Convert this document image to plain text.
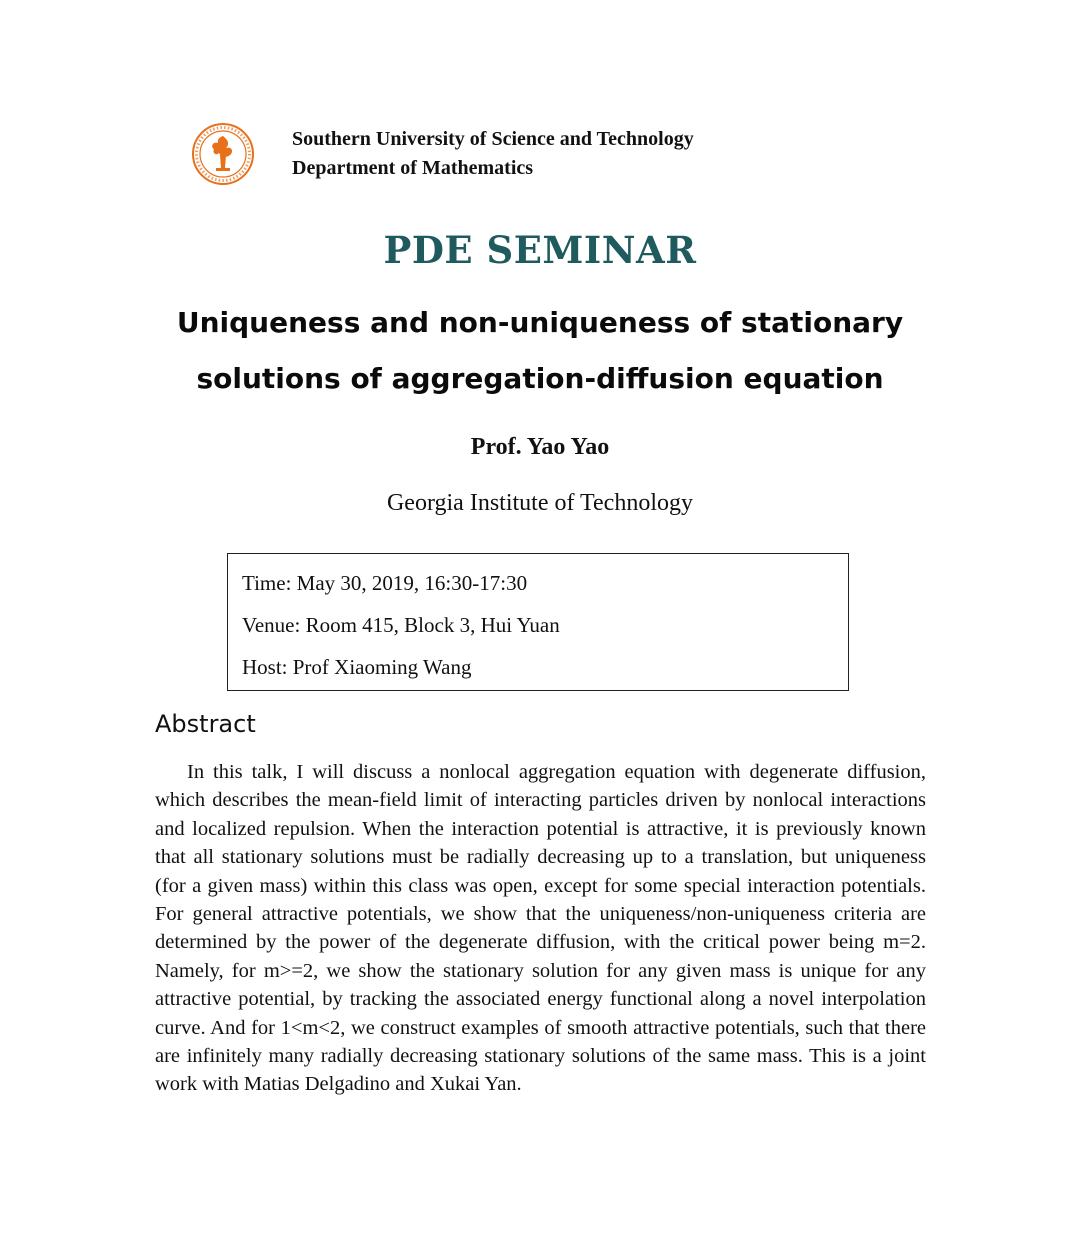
Southern University of Science and Technology
Department of Mathematics
PDE SEMINAR
Uniqueness and non-uniqueness of stationary
solutions of aggregation-diffusion equation
Prof. Yao Yao
Georgia Institute of Technology
Time: May 30, 2019, 16:30-17:30
Venue: Room 415, Block 3, Hui Yuan
Host: Prof Xiaoming Wang
Abstract

In this talk, I will discuss a nonlocal aggregation equation with degenerate diffusion, which describes the mean-field limit of interacting particles driven by nonlocal interactions and localized repulsion. When the interaction potential is attractive, it is previously known that all stationary solutions must be radially decreasing up to a translation, but uniqueness (for a given mass) within this class was open, except for some special interaction potentials. For general attractive potentials, we show that the uniqueness/non-uniqueness criteria are determined by the power of the degenerate diffusion, with the critical power being m=2. Namely, for m>=2, we show the stationary solution for any given mass is unique for any attractive potential, by tracking the associated energy functional along a novel interpolation curve. And for 1<m<2, we construct examples of smooth attractive potentials, such that there are infinitely many radially decreasing stationary solutions of the same mass. This is a joint work with Matias Delgadino and Xukai Yan.
